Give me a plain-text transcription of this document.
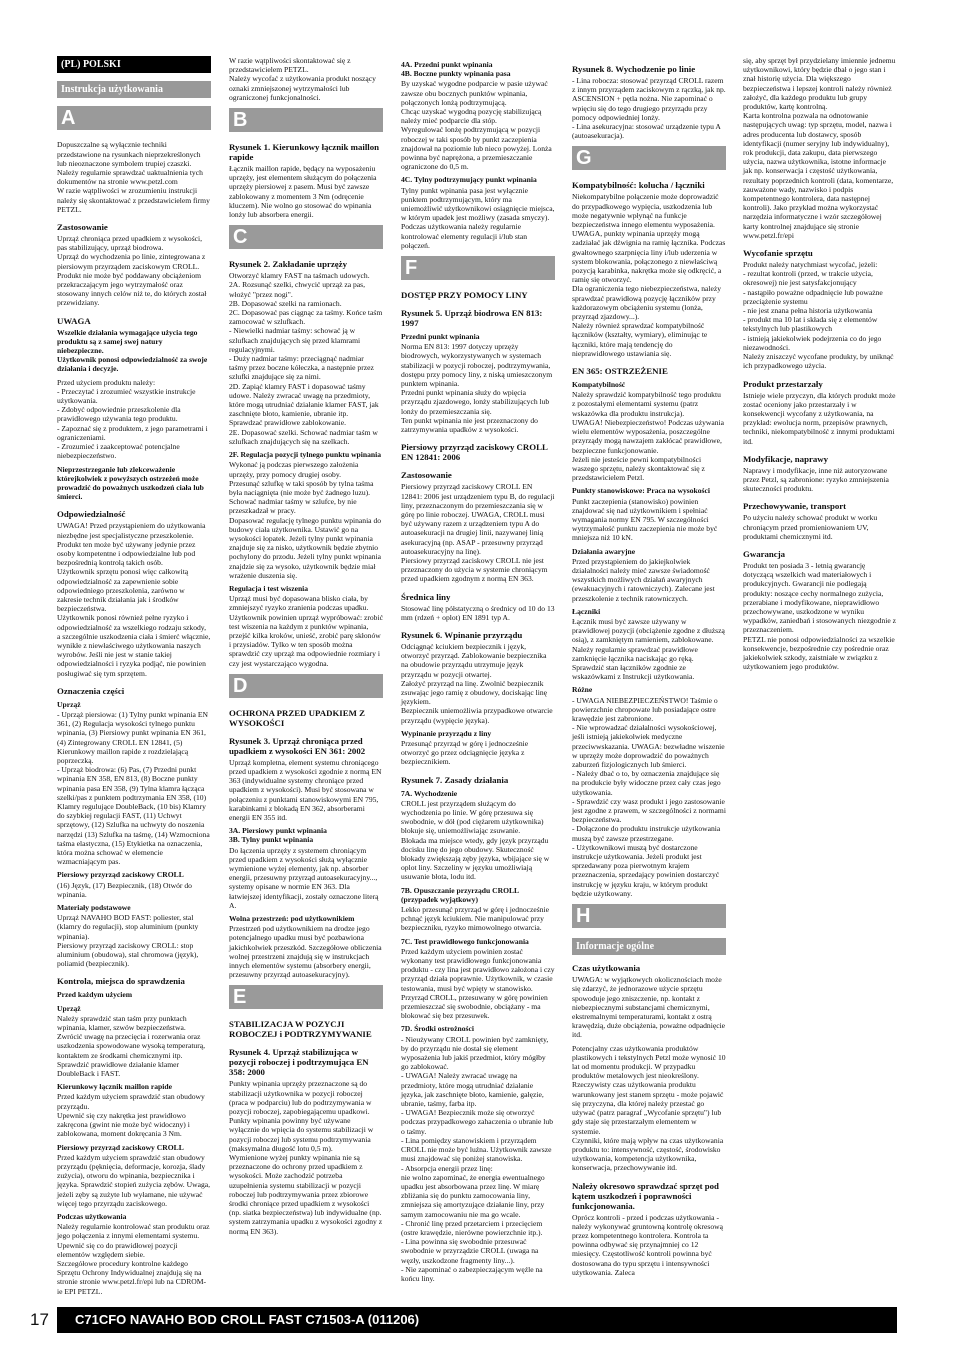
(PL) POLSKI
Instrukcja użytkowania
A

Dopuszczalne są wyłącznie techniki przedstawione na rysunkach nieprzekreślonych lub nieoznaczone symbolem trupiej czaszki. Należy regularnie sprawdzać uaktualnienia tych dokumentów na stronie www.petzl.com
W razie wątpliwości w zrozumieniu instrukcji należy się skontaktować z przedstawicielem firmy PETZL.

Zastosowanie

Uprząż chroniąca przed upadkiem z wysokości, pas stabilizujący, uprząż biodrowa.
Uprząż do wychodzenia po linie, zintegrowana z piersiowym przyrządem zaciskowym CROLL. Produkt nie może być poddawany obciążeniom przekraczającym jego wytrzymałość oraz stosowany innych celów niż te, do których został przewidziany.

UWAGA

Wszelkie działania wymagające użycia tego produktu są z samej swej natury niebezpieczne.
Użytkownik ponosi odpowiedzialność za swoje działania i decyzje.

Przed użyciem produktu należy:
- Przeczytać i zrozumieć wszystkie instrukcje użytkowania.
- Zdobyć odpowiednie przeszkolenie dla prawidłowego używania tego produktu.
- Zapoznać się z produktem, z jego parametrami i ograniczeniami.
- Zrozumieć i zaakceptować potencjalne niebezpieczeństwo.

Nieprzestrzeganie lub zlekceważenie którejkolwiek z powyższych ostrzeżeń może prowadzić do poważnych uszkodzeń ciała lub śmierci.

Odpowiedzialność

UWAGA! Przed przystąpieniem do użytkowania niezbędne jest specjalistyczne przeszkolenie.
Produkt ten może być używany jedynie przez osoby kompetentne i odpowiedzialne lub pod bezpośrednią kontrolą takich osób.
Użytkownik sprzętu ponosi więc całkowitą odpowiedzialność za zapewnienie sobie odpowiedniego przeszkolenia, zarówno w zakresie technik działania jak i środków bezpieczeństwa.
Użytkownik ponosi również pełne ryzyko i odpowiedzialność za wszelkiego rodzaju szkody, a szczególnie uszkodzenia ciała i śmierć włącznie, wynikłe z niewłaściwego użytkowania naszych wyrobów. Jeśli nie jest w stanie takiej odpowiedzialności i ryzyka podjąć, nie powinien posługiwać się tym sprzętem.

Oznaczenia części
Uprząż

- Uprząż piersiowa: (1) Tylny punkt wpinania EN 361, (2) Regulacja wysokości tylnego punktu wpinania, (3) Piersiowy punkt wpinania EN 361, (4) Zintegrowany CROLL EN 12841, (5) Kierunkowy maillon rapide z rozdzielającą poprzeczką.
- Uprząż biodrowa: (6) Pas, (7) Przedni punkt wpinania EN 358, EN 813, (8) Boczne punkty wpinania pasa EN 358, (9) Tylna klamra łącząca szelki/pas z punktem podtrzymania EN 358, (10) Klamry regulujące DoubleBack, (10 bis) Klamry do szybkiej regulacji FAST, (11) Uchwyt sprzętowy, (12) Szlufka na uchwyty do noszenia narzędzi (13) Szlufka na taśmę, (14) Wzmocniona taśma elastyczna, (15) Etykietka na oznaczenia, która można schować w elemencie wzmacniającym pas.

Piersiowy przyrząd zaciskowy CROLL

(16) Język, (17) Bezpiecznik, (18) Otwór do wpinania.

Materiały podstawowe

Uprząż NAVAHO BOD FAST: poliester, stal (klamry do regulacji), stop aluminium (punkty wpinania).
Piersiowy przyrząd zaciskowy CROLL: stop aluminium (obudowa), stal chromowa (język), poliamid (bezpiecznik).

Kontrola, miejsca do sprawdzenia
Przed każdym użyciem
Uprząż

Należy sprawdzić stan taśm przy punktach wpinania, klamer, szwów bezpieczeństwa. Zwrócić uwagę na przecięcia i rozerwania oraz uszkodzenia spowodowane wysoką temperaturą, kontaktem ze środkami chemicznymi itp.
Sprawdzić prawidłowe działanie klamer DoubleBack i FAST.

Kierunkowy łącznik maillon rapide

Przed każdym użyciem sprawdzić stan obudowy przyrządu.
Upewnić się czy nakrętka jest prawidłowo zakręcona (gwint nie może być widoczny) i zablokowana, moment dokręcania 3 Nm.

Piersiowy przyrząd zaciskowy CROLL

Przed każdym użyciem sprawdzić stan obudowy przyrządu (pęknięcia, deformacje, korozja, ślady zużycia), otworu do wpinania, bezpiecznika i języka. Sprawdzić stopień zużycia zębów. Uwaga, jeżeli zęby są zużyte lub wyłamane, nie używać więcej tego przyrządu zaciskowego.

Podczas użytkowania

Należy regularnie kontrolować stan produktu oraz jego połączenia z innymi elementami systemu. Upewnić się co do prawidłowej pozycji elementów względem siebie.
Szczegółowe procedury kontrolne każdego Sprzętu Ochrony Indywidualnej znajdują się na stronie stronie www.petzl.fr/epi lub na CDROM-ie EPI PETZL.

W razie wątpliwości skontaktować się z przedstawicielem PETZL.
Należy wycofać z użytkowania produkt noszący oznaki zmniejszonej wytrzymałości lub ograniczonej funkcjonalności.

B
Rysunek 1. Kierunkowy łącznik maillon rapide

Łącznik maillon rapide, będący na wyposażeniu uprzęży, jest elementem służącym do połączenia uprzęży piersiowej z pasem. Musi być zawsze zablokowany z momentem 3 Nm (odręcenie kluczem). Nie wolno go stosować do wpinania lonży lub absorbera energii.

C
Rysunek 2. Zakładanie uprzęży

Otworzyć klamry FAST na taśmach udowych.
2A. Rozsunąć szelki, chwycić uprząż za pas, włożyć "przez nogi".
2B. Dopasować szelki na ramionach.
2C. Dopasować pas ciągnąc za taśmy. Końce taśm zamocować w szlufkach.
- Niewielki nadmiar taśmy: schować ją w szlufkach znajdujących się przed klamrami regulacyjnymi.
- Duży nadmiar taśmy: przeciągnąć nadmiar taśmy przez boczne kółeczka, a następnie przez szlufki znajdujące się za nimi.
2D. Zapiąć klamry FAST i dopasować taśmy udowe. Należy zwracać uwagę na przedmioty, które mogą utrudniać działanie klamer FAST, jak zaschnięte błoto, kamienie, ubranie itp. Sprawdzać prawidłowe zablokowanie.
2E. Dopasować szelki. Schować nadmiar taśm w szlufkach znajdujących się na szelkach.

2F. Regulacja pozycji tylnego punktu wpinania

Wykonać ją podczas pierwszego założenia uprzęży, przy pomocy drugiej osoby.
Przesunąć szlufkę w taki sposób by tylna taśma była naciągnięta (nie może być żadnego luzu). Schować nadmiar taśmy w szlufce, by nie przeszkadzał w pracy.
Dopasować regulację tylnego punktu wpinania do budowy ciała użytkownika. Ustawić go na wysokości łopatek. Jeżeli tylny punkt wpinania znajduje się za nisko, użytkownik będzie zbytnio pochylony do przodu. Jeżeli tylny punkt wpinania znajdzie się za wysoko, użytkownik będzie miał wrażenie duszenia się.

Regulacja i test wiszenia

Uprząż musi być dopasowana blisko ciała, by zmniejszyć ryzyko zranienia podczas upadku. Użytkownik powinien uprząż wypróbować: zrobić test wiszenia na każdym z punktów wpinania, przejść kilka kroków, unieść, zrobić parę skłonów i przysiadów. Tylko w ten sposób można sprawdzić czy uprząż ma odpowiednie rozmiary i czy jest wystarczająco wygodna.

D
OCHRONA PRZED UPADKIEM Z WYSOKOŚCI
Rysunek 3. Uprząż chroniąca przed upadkiem z wysokości EN 361: 2002

Uprząż kompletna, element systemu chroniącego przed upadkiem z wysokości zgodnie z normą EN 363 (indywidualne systemy chroniące przed upadkiem z wysokości). Musi być stosowana w połączeniu z punktami stanowiskowymi EN 795, karabinkami z blokadą EN 362, absorberami energii EN 355 itd.

3A. Piersiowy punkt wpinania
3B. Tylny punkt wpinania

Do łączenia uprzęży z systemem chroniącym przed upadkiem z wysokości służą wyłącznie wymienione wyżej elementy, jak np. absorber energii, przesuwny przyrząd autoasekuracyjny..., systemy opisane w normie EN 363. Dla łatwiejszej identyfikacji, zostały oznaczone literą A.

Wolna przestrzeń: pod użytkownikiem

Przestrzeń pod użytkownikiem na drodze jego potencjalnego upadku musi być pozbawiona jakichkolwiek przeszkód. Szczegółowe obliczenia wolnej przestrzeni znajdują się w instrukcjach innych elementów systemu (absorbery energii, przesuwny przyrząd autoasekuracyjny).

E
STABILIZACJA W POZYCJI ROBOCZEJ i PODTRZYMYWANIE
Rysunek 4. Uprząż stabilizująca w pozycji roboczej i podtrzymująca EN 358: 2000

Punkty wpinania uprzęży przeznaczone są do stabilizacji użytkownika w pozycji roboczej (praca w podparciu) lub do podtrzymywania w pozycji roboczej, zapobiegającemu upadkowi. Punkty wpinania powinny być używane wyłącznie do wpięcia do systemu stabilizacji w pozycji roboczej lub systemu podtrzymywania (maksymalna długość lotu 0,5 m).
Wymienione wyżej punkty wpinania nie są przeznaczone do ochrony przed upadkiem z wysokości. Może zachodzić potrzeba uzupełnienia systemu stabilizacji w pozycji roboczej lub podtrzymywania przez zbiorowe środki chroniące przed upadkiem z wysokości (np. siatka bezpieczeństwa) lub indywidualne (np. system zatrzymania upadku z wysokości zgodny z normą EN 363).

4A. Przedni punkt wpinania
4B. Boczne punkty wpinania pasa

By uzyskać wygodne podparcie w pasie używać zawsze obu bocznych punktów wpinania, połączonych lonżą podtrzymującą.
Chcąc uzyskać wygodną pozycję stabilizującą należy mieć podparcie dla stóp.
Wyregulować lonżę podtrzymującą w pozycji roboczej w taki sposób by punkt zaczepienia znajdował na poziomie lub nieco powyżej. Lonża powinna być naprężona, a przemieszczanie ograniczone do 0,5 m.

4C. Tylny podtrzymujący punkt wpinania

Tylny punkt wpinania pasa jest wyłącznie punktem podtrzymującym, który ma uniemożliwić użytkownikowi osiągnięcie miejsca, w którym upadek jest możliwy (zasada smyczy).
Podczas użytkowania należy regularnie kontrolować elementy regulacji i/lub stan połączeń.

F
DOSTĘP PRZY POMOCY LINY
Rysunek 5. Uprząż biodrowa EN 813: 1997
Przedni punkt wpinania

Norma EN 813: 1997 dotyczy uprzęży biodrowych, wykorzystywanych w systemach stabilizacji w pozycji roboczej, podtrzymywania, dostępu przy pomocy liny, z niską umieszczonym punktem wpinania.
Przedni punkt wpinania służy do wpięcia przyrządu zjazdowego, lonży stabilizujących lub lonży do przemieszczania się.
Ten punkt wpinania nie jest przeznaczony do zatrzymywania upadków z wysokości.

Piersiowy przyrząd zaciskowy CROLL EN 12841: 2006
Zastosowanie

Piersiowy przyrząd zaciskowy CROLL EN 12841: 2006 jest urządzeniem typu B, do regulacji liny, przeznaczonym do przemieszczania się w górę po linie roboczej. UWAGA, CROLL musi być używany razem z urządzeniem typu A do autoasekuracji na drugiej linii, nazywanej linią asekuracyjną (np. ASAP - przesuwny przyrząd autoasekuracyjny na linę).
Piersiowy przyrząd zaciskowy CROLL nie jest przeznaczony do użycia w systemie chroniącym przed upadkiem zgodnym z normą EN 363.

Średnica liny

Stosować linę półstatyczną o średnicy od 10 do 13 mm (rdzeń + oplot) EN 1891 typ A.

Rysunek 6. Wpinanie przyrządu

Odciągnąć kciukiem bezpiecznik i język, otworzyć przyrząd. Zablokowanie bezpiecznika na obudowie przyrządu utrzymuje język przyrządu w pozycji otwartej.
Założyć przyrząd na linę. Zwolnić bezpiecznik zsuwając jego ramię z obudowy, dociskając linę językiem.
Bezpiecznik uniemożliwia przypadkowe otwarcie przyrządu (wypięcie języka).

Wypinanie przyrządu z liny

Przesunąć przyrząd w górę i jednocześnie otworzyć go przez odciągnięcie języka z bezpiecznikiem.

Rysunek 7. Zasady działania
7A. Wychodzenie

CROLL jest przyrządem służącym do wychodzenia po linie. W górę przesuwa się swobodnie, w dół (pod ciężarem użytkownika) blokuje się, uniemożliwiając zsuwanie.
Blokada ma miejsce wtedy, gdy język przyrządu docisku linę do jego obudowy. Skuteczność blokady zwiększają zęby języka, wbijające się w oplot liny. Szczeliny w języku umożliwiają usuwanie błota, lodu itd.

7B. Opuszczanie przyrządu CROLL (przypadek wyjątkowy)

Lekko przesunąć przyrząd w górę i jednocześnie pchnąć język kciukiem. Nie manipulować przy bezpieczniku, ryzyko mimowolnego otwarcia.

7C. Test prawidłowego funkcjonowania

Przed każdym użyciem powinien zostać wykonany test prawidłowego funkcjonowania produktu - czy lina jest prawidłowo założona i czy przyrząd działa poprawnie. Użytkownik, w czasie testowania, musi być wpięty w stanowisko.
Przyrząd CROLL, przesuwany w górę powinien przemieszczać się swobodnie, obciążany - ma blokować się bez przesuwek.

7D. Środki ostrożności

- Nieużywany CROLL powinien być zamknięty, by do przyrządu nie dostał się element wyposażenia lub jakiś przedmiot, który mógłby go zablokować.
- UWAGA! Należy zwracać uwagę na przedmioty, które mogą utrudniać działanie języka, jak zaschnięte błoto, kamienie, gałęzie, ubranie, taśmy, farba itp.
- UWAGA! Bezpiecznik może się otworzyć podczas przypadkowego zahaczenia o ubranie lub o taśmy.
- Lina pomiędzy stanowiskiem i przyrządem CROLL nie może być luźna. Użytkownik zawsze musi znajdować się poniżej stanowiska.
- Absorpcja energii przez linę:
nie wolno zapominać, że energia ewentualnego upadku jest absorbowana przez linę. W miarę zbliżania się do punktu zamocowania liny, zmniejsza się amortyzujące działanie liny, przy samym zamocowaniu nie ma go wcale.
- Chronić linę przed przetarciem i przecięciem (ostre krawędzie, nierówne powierzchnie itp.).
- Lina powinna się swobodnie przesuwać swobodnie w przyrządzie CROLL (uwaga na węzły, uszkodzone fragmenty liny...).
- Nie zapominać o zabezpieczającym węźle na końcu liny.

Rysunek 8. Wychodzenie po linie

- Lina robocza: stosować przyrząd CROLL razem z innym przyrządem zaciskowym z rączką, jak np. ASCENSION + pętla nożna. Nie zapominać o wpięciu się do tego drugiego przyrządu przy pomocy odpowiedniej lonży.
- Lina asekuracyjna: stosować urządzenie typu A (autoasekuracja).

G
Kompatybilność: kolucha / łączniki

Niekompatybilne połączenie może doprowadzić do przypadkowego wypięcia, uszkodzenia lub może negatywnie wpłynąć na funkcje bezpieczeństwa innego elementu wyposażenia.
UWAGA, punkty wpinania uprzęży mogą zadziałać jak dźwignia na ramię łącznika. Podczas gwałtownego szarpnięcia liny i/lub uderzenia w system blokowania, połączonego z niewłaściwą pozycją karabinka, nakrętka może się odkręcić, a ramię się otworzyć.
Dla ograniczenia tego niebezpieczeństwa, należy sprawdzać prawidłową pozycję łączników przy każdorazowym obciążeniu systemu (lonża, przyrząd zjazdowy...).
Należy również sprawdzać kompatybilność łączników (kształty, wymiary), eliminując te łączniki, które mają tendencję do nieprawidłowego ustawiania się.

EN 365: OSTRZEŻENIE
Kompatybilność

Należy sprawdzić kompatybilność tego produktu z pozostałymi elementami systemu (patrz wskazówka dla produktu instrukcja).
UWAGA! Niebezpieczeństwo! Podczas używania wielu elementów wyposażenia, poszczególne przyrządy mogą nawzajem zakłócać prawidłowe, bezpieczne funkcjonowanie.
Jeżeli nie jesteście pewni kompatybilności waszego sprzętu, należy skontaktować się z przedstawicielem Petzl.

Punkty stanowiskowe: Praca na wysokości

Punkt zaczepienia (stanowisko) powinien znajdować się nad użytkownikiem i spełniać wymagania normy EN 795. W szczególności wytrzymałość punktu zaczepienia nie może być mniejsza niż 10 kN.

Działania awaryjne

Przed przystąpieniem do jakiejkolwiek działalności należy mieć zawsze świadomość wszystkich możliwych działań awaryjnych (ewakuacyjnych i ratowniczych). Zalecane jest przeszkolenie z technik ratowniczych.

Łączniki

Łącznik musi być zawsze używany w prawidłowej pozycji (obciążenie zgodne z dłuższą osią), z zamkniętym ramieniem, zablokowane. Należy regularnie sprawdzać prawidłowe zamknięcie łącznika naciskając go ręką.
Sprawdzić stan łączników zgodnie ze wskazówkami z Instrukcji użytkowania.

Różne

- UWAGA NIEBEZPIECZEŃSTWO! Taśmie o powierzchnie chropowate lub posiadające ostre krawędzie jest zabronione.
- Nie wprowadzać działalności wysokościowej, jeśli istnieją jakiekolwiek medyczne przeciwwskazania. UWAGA: bezwładne wiszenie w uprzęży może doprowadzić do poważnych zaburzeń fizjologicznych lub śmierci.
- Należy dbać o to, by oznaczenia znajdujące się na produkcie były widoczne przez cały czas jego użytkowania.
- Sprawdzić czy wasz produkt i jego zastosowanie jest zgodne z prawem, w szczególności z normami bezpieczeństwa.
- Dołączone do produktu instrukcje użytkowania muszą być zawsze przestrzegane.
- Użytkownikowi muszą być dostarczone instrukcje użytkowania. Jeżeli produkt jest sprzedawany poza pierwotnym krajem przeznaczenia, sprzedający powinien dostarczyć instrukcję w języku kraju, w którym produkt będzie użytkowany.

H
Informacje ogólne
Czas użytkowania

UWAGA: w wyjątkowych okolicznościach może się zdarzyć, że jednorazowe użycie sprzętu spowoduje jego zniszczenie, np. kontakt z niebezpiecznymi substancjami chemicznymi, ekstremalnymi temperaturami, kontakt z ostrą krawędzią, duże obciążenia, poważne odpadnięcie itd.

Potencjalny czas użytkowania produktów plastikowych i tekstylnych Petzl może wynosić 10 lat od momentu produkcji. W przypadku produktów metalowych jest nieokreślony.
Rzeczywisty czas użytkowania produktu warunkowany jest stanem sprzętu - może pojawić się przyczyna, dla której należy przestać go używać (patrz paragraf „Wycofanie sprzętu") lub gdy staje się przestarzałym elementem w systemie.
Czynniki, które mają wpływ na czas użytkowania produktu to: intensywność, częstość, środowisko użytkowania, kompetencja użytkownika, konserwacja, przechowywanie itd.

Należy okresowo sprawdzać sprzęt pod kątem uszkodzeń i poprawności funkcjonowania.

Oprócz kontroli - przed i podczas użytkowania - należy wykonywać gruntowną kontrolę okresową przez kompetentnego kontrolera. Kontrola ta powinna odbywać się przynajmniej co 12 miesięcy. Częstotliwość kontroli powinna być dostosowana do typu sprzętu i intensywności użytkowania. Zaleca

się, aby sprzęt był przydzielany imiennie jednemu użytkownikowi, który będzie dbał o jego stan i znał historię użycia. Dla większego bezpieczeństwa i lepszej kontroli należy również założyć, dla każdego produktu lub grupy produktów, kartę kontrolną.
Karta kontrolna pozwala na odnotowanie następujących uwag: typ sprzętu, model, nazwa i adres producenta lub dostawcy, sposób identyfikacji (numer seryjny lub indywidualny), rok produkcji, data zakupu, data pierwszego użycia, nazwa użytkownika, istotne informacje jak np. konserwacja i częstość użytkowania, rezultaty poprzednich kontroli (data, komentarze, zauważone wady, nazwisko i podpis kompetentnego kontrolera, data następnej kontroli). Jako przykład można wykorzystać narzędzia informatyczne i wzór szczegółowej karty kontrolnej znajdujące się stronie www.petzl.fr/epi

Wycofanie sprzętu

Produkt należy natychmiast wycofać, jeżeli:
- rezultat kontroli (przed, w trakcie użycia, okresowej) nie jest satysfakcjonujący
- nastąpiło poważne odpadnięcie lub poważne przeciążenie systemu
- nie jest znana pełna historia użytkowania
- produkt ma 10 lat i składa się z elementów tekstylnych lub plastikowych
- istnieją jakiekolwiek podejrzenia co do jego niezawodności.
Należy zniszczyć wycofane produkty, by uniknąć ich przypadkowego użycia.

Produkt przestarzały

Istnieje wiele przyczyn, dla których produkt może zostać oceniony jako przestarzały i w konsekwencji wycofany z użytkowania, na przykład: ewolucja norm, przepisów prawnych, techniki, niekompatybilność z innymi produktami itd.

Modyfikacje, naprawy

Naprawy i modyfikacje, inne niż autoryzowane przez Petzl, są zabronione: ryzyko zmniejszenia skuteczności produktu.

Przechowywanie, transport

Po użyciu należy schować produkt w worku chroniącym przed promieniowaniem UV, produktami chemicznymi itd.

Gwarancja

Produkt ten posiada 3 - letnią gwarancję dotyczącą wszelkich wad materiałowych i produkcyjnych. Gwarancji nie podlegają produkty: noszące cechy normalnego zużycia, przerabiane i modyfikowane, nieprawidłowo przechowywane, uszkodzone w wyniku wypadków, zaniedbań i stosowanych niezgodnie z przeznaczeniem.
PETZL nie ponosi odpowiedzialności za wszelkie konsekwencje, bezpośrednie czy pośrednie oraz jakiekolwiek szkody, zaistniałe w związku z użytkowaniem jego produktów.

17	C71CFO NAVAHO BOD CROLL FAST C71503-A (011206)
